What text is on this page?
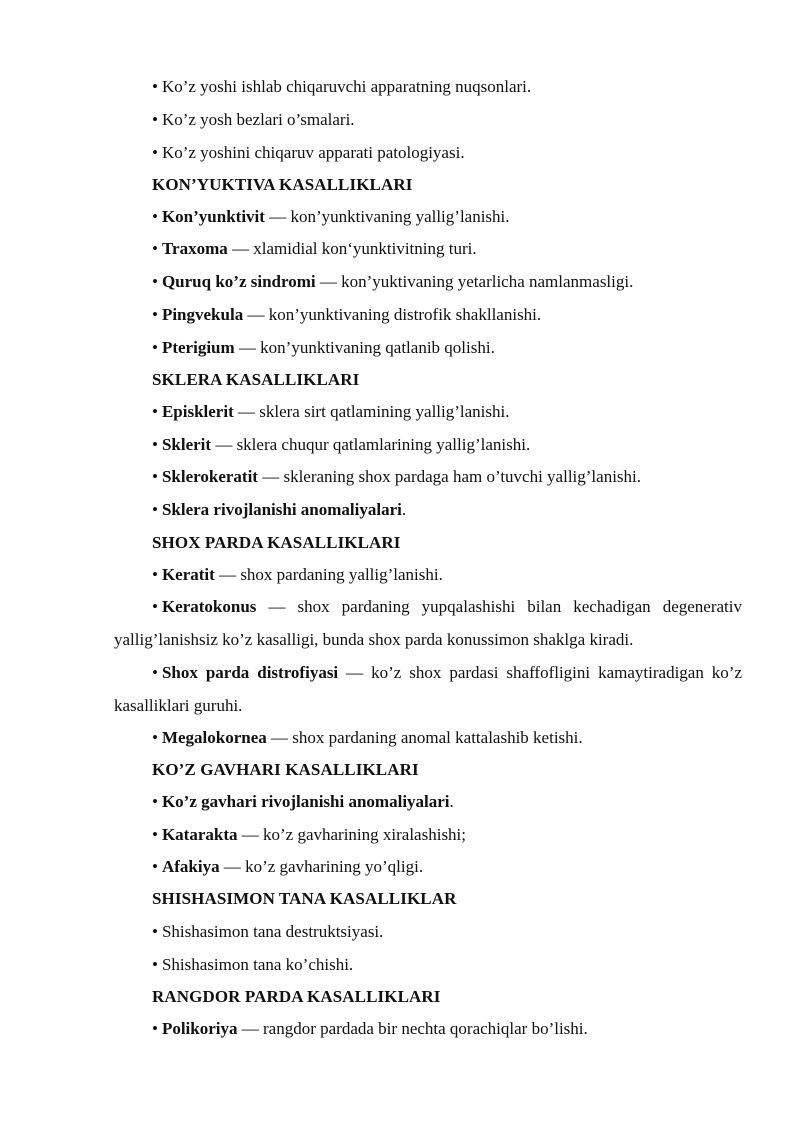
• Ko’z yoshi ishlab chiqaruvchi apparatning nuqsonlari.
• Ko’z yosh bezlari o’smalari.
• Ko’z yoshini chiqaruv apparati patologiyasi.
KON’YUKTIVA KASALLIKLARI
• Kon’yunktivit — kon’yunktivaning yallig’lanishi.
• Traxoma — xlamidial konʻyunktivitning turi.
• Quruq ko’z sindromi — kon’yuktivaning yetarlicha namlanmasligi.
• Pingvekula — kon’yunktivaning distrofik shakllanishi.
• Pterigium — kon’yunktivaning qatlanib qolishi.
SKLERA KASALLIKLARI
• Episklerit — sklera sirt qatlamining yallig’lanishi.
• Sklerit — sklera chuqur qatlamlarining yallig’lanishi.
• Sklerokeratit — skleraning shox pardaga ham o’tuvchi yallig’lanishi.
• Sklera rivojlanishi anomaliyalari.
SHOX PARDA KASALLIKLARI
• Keratit — shox pardaning yallig’lanishi.
• Keratokonus — shox pardaning yupqalashishi bilan kechadigan degenerativ yallig’lanishsiz ko’z kasalligi, bunda shox parda konussimon shaklga kiradi.
• Shox parda distrofiyasi — ko’z shox pardasi shaffofligini kamaytiradigan ko’z kasalliklari guruhi.
• Megalokornea — shox pardaning anomal kattalashib ketishi.
KO’Z GAVHARI KASALLIKLARI
• Ko’z gavhari rivojlanishi anomaliyalari.
• Katarakta — ko’z gavharining xiralashishi;
• Afakiya — ko’z gavharining yo’qligi.
SHISHASIMON TANA KASALLIKLAR
• Shishasimon tana destruktsiyasi.
• Shishasimon tana ko’chishi.
RANGDOR PARDA KASALLIKLARI
• Polikoriya — rangdor pardada bir nechta qorachiqlar bo’lishi.
